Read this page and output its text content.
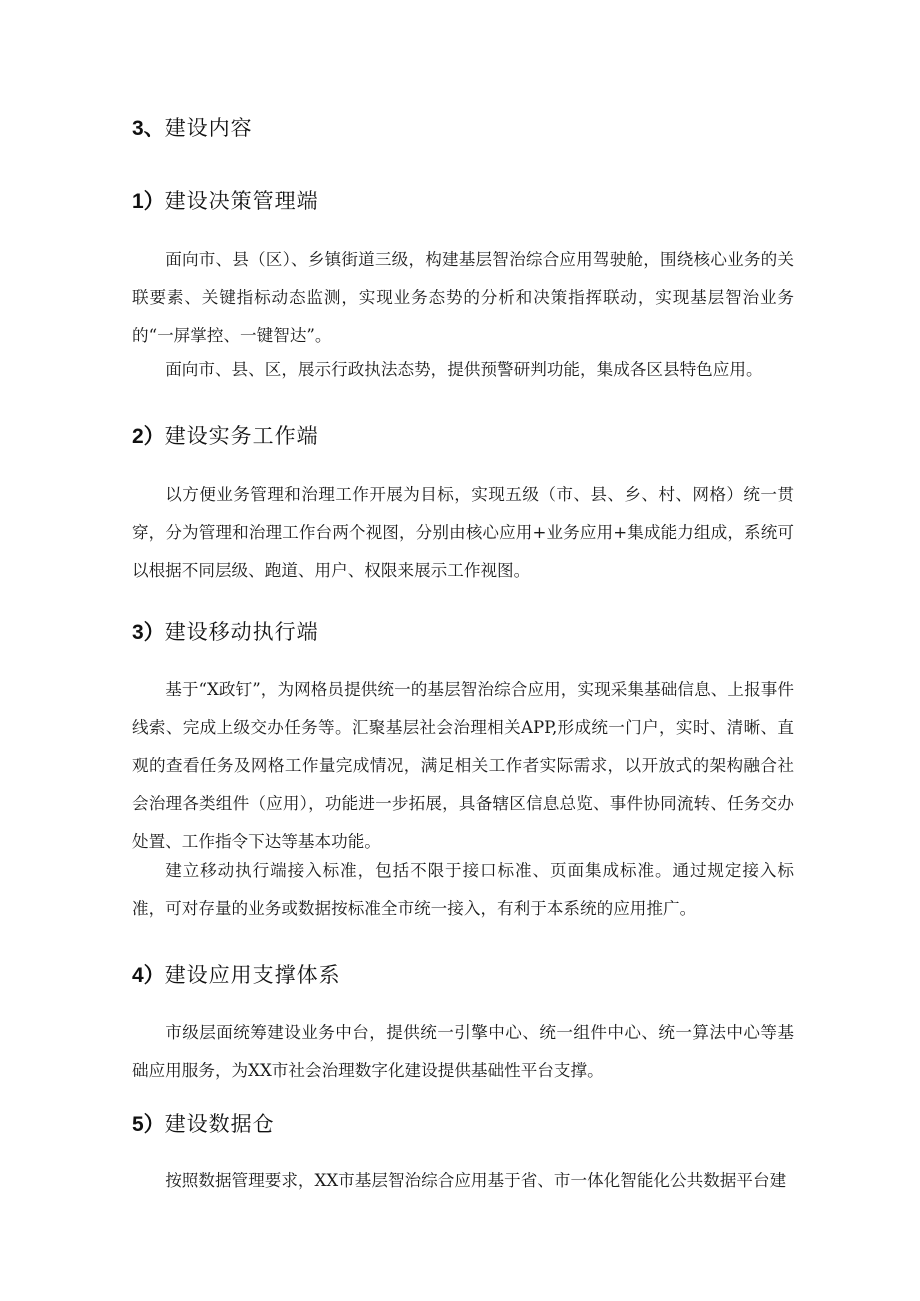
3、建设内容
1）建设决策管理端

面向市、县（区）、乡镇街道三级，构建基层智治综合应用驾驶舱，围绕核心业务的关联要素、关键指标动态监测，实现业务态势的分析和决策指挥联动，实现基层智治业务的“一屏掌控、一键智达”。

面向市、县、区，展示行政执法态势，提供预警研判功能，集成各区县特色应用。

2）建设实务工作端

以方便业务管理和治理工作开展为目标，实现五级（市、县、乡、村、网格）统一贯穿，分为管理和治理工作台两个视图，分别由核心应用+业务应用+集成能力组成，系统可以根据不同层级、跑道、用户、权限来展示工作视图。

3）建设移动执行端

基于“X政钉”，为网格员提供统一的基层智治综合应用，实现采集基础信息、上报事件线索、完成上级交办任务等。汇聚基层社会治理相关APP,形成统一门户，实时、清晰、直观的查看任务及网格工作量完成情况，满足相关工作者实际需求，以开放式的架构融合社会治理各类组件（应用），功能进一步拓展，具备辖区信息总览、事件协同流转、任务交办处置、工作指令下达等基本功能。

建立移动执行端接入标准，包括不限于接口标准、页面集成标准。通过规定接入标准，可对存量的业务或数据按标准全市统一接入，有利于本系统的应用推广。

4）建设应用支撑体系

市级层面统筹建设业务中台，提供统一引擎中心、统一组件中心、统一算法中心等基础应用服务，为XX市社会治理数字化建设提供基础性平台支撑。

5）建设数据仓

按照数据管理要求，XX市基层智治综合应用基于省、市一体化智能化公共数据平台建
